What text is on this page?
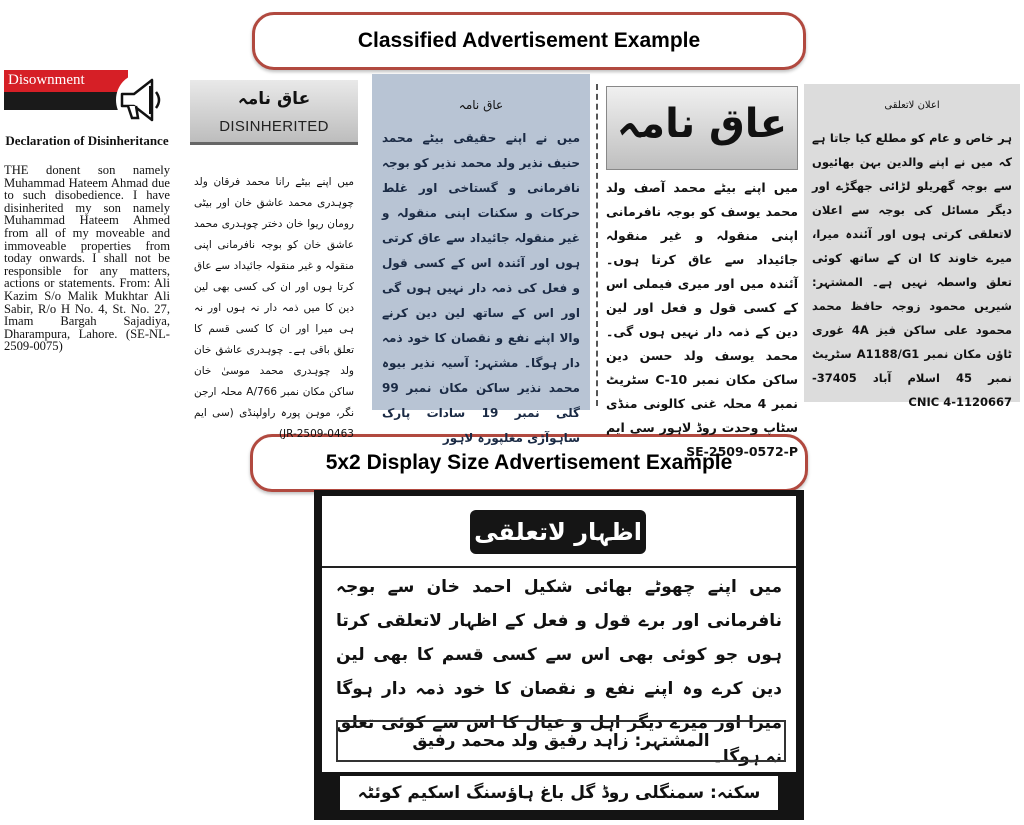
Classified Advertisement Example
5x2 Display Size Advertisement Example
Disownment
Declaration of Disinheritance
THE donent son namely Muhammad Hateem Ahmad due to such disobedience. I have disinherited my son namely Muhammad Hateem Ahmed from all of my moveable and immoveable properties from today onwards. I shall not be responsible for any matters, actions or statements. From: Ali Kazim S/o Malik Mukhtar Ali Sabir, R/o H No. 4, St. No. 27, Imam Bargah Sajadiya, Dharampura, Lahore. (SE-NL-2509-0075)
عاق نامہ
DISINHERITED
میں اپنے بیٹے رانا محمد فرقان ولد چوہدری محمد عاشق خان اور بیٹی رومان ریوا خان دختر چوہدری محمد عاشق خان کو بوجہ نافرمانی اپنی منقولہ و غیر منقولہ جائیداد سے عاق کرتا ہوں اور ان کی کسی بھی لین دین کا میں ذمہ دار نہ ہوں اور نہ ہی میرا اور ان کا کسی قسم کا تعلق باقی ہے۔ چوہدری عاشق خان ولد چوہدری محمد موسیٰ خان ساکن مکان نمبر A/766 محلہ ارجن نگر، موہن پورہ راولپنڈی (سی ایم JR-2509-0463)
عاق نامہ
میں نے اپنے حقیقی بیٹے محمد حنیف نذیر ولد محمد نذیر کو بوجہ نافرمانی و گستاخی اور غلط حرکات و سکنات اپنی منقولہ و غیر منقولہ جائیداد سے عاق کرتی ہوں اور آئندہ اس کے کسی قول و فعل کی ذمہ دار نہیں ہوں گی اور اس کے ساتھ لین دین کرنے والا اپنے نفع و نقصان کا خود ذمہ دار ہوگا۔ مشتہر: آسیہ نذیر بیوہ محمد نذیر ساکن مکان نمبر 99 گلی نمبر 19 سادات پارک ساہوآڑی مغلپورہ لاہور
عاق نامہ
میں اپنے بیٹے محمد آصف ولد محمد یوسف کو بوجہ نافرمانی اپنی منقولہ و غیر منقولہ جائیداد سے عاق کرتا ہوں۔ آئندہ میں اور میری فیملی اس کے کسی قول و فعل اور لین دین کے ذمہ دار نہیں ہوں گی۔ محمد یوسف ولد حسن دین ساکن مکان نمبر 10-C سٹریٹ نمبر 4 محلہ غنی کالونی منڈی سٹاپ وحدت روڈ لاہور سی ایم SE-2509-0572-P
اعلان لاتعلقی
ہر خاص و عام کو مطلع کیا جاتا ہے کہ میں نے اپنے والدین بہن بھائیوں سے بوجہ گھریلو لڑائی جھگڑے اور دیگر مسائل کی بوجہ سے اعلان لاتعلقی کرتی ہوں اور آئندہ میرا، میرے خاوند کا ان کے ساتھ کوئی تعلق واسطہ نہیں ہے۔ المشتہر: شیریں محمود زوجہ حافظ محمد محمود علی ساکن فیز 4A غوری ٹاؤن مکان نمبر A1188/G1 سٹریٹ نمبر 45 اسلام آباد 37405-1120667-4 CNIC
اظہار لاتعلقی
میں اپنے چھوٹے بھائی شکیل احمد خان سے بوجہ نافرمانی اور برے قول و فعل کے اظہار لاتعلقی کرتا ہوں جو کوئی بھی اس سے کسی قسم کا بھی لین دین کرے وہ اپنے نفع و نقصان کا خود ذمہ دار ہوگا میرا اور میرے دیگر اہل و عیال کا اس سے کوئی تعلق نہ ہوگا۔
المشتہر: زاہد رفیق ولد محمد رفیق
سکنہ: سمنگلی روڈ گل باغ ہاؤسنگ اسکیم کوئٹہ
